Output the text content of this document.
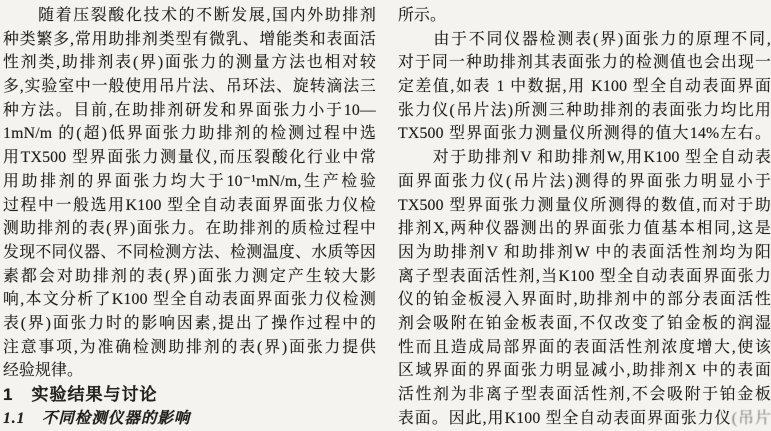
　　随着压裂酸化技术的不断发展,国内外助排剂
种类繁多,常用助排剂类型有微乳、增能类和表面活
性剂类,助排剂表(界)面张力的测量方法也相对较
多,实验室中一般使用吊片法、吊环法、旋转滴法三
种方法。目前,在助排剂研发和界面张力小于10—
1mN/m 的(超)低界面张力助排剂的检测过程中选
用TX500 型界面张力测量仪,而压裂酸化行业中常
用助排剂的界面张力均大于10⁻¹mN/m,生产检验
过程中一般选用K100 型全自动表面界面张力仪检
测助排剂的表(界)面张力。在助排剂的质检过程中
发现不同仪器、不同检测方法、检测温度、水质等因
素都会对助排剂的表(界)面张力测定产生较大影
响,本文分析了K100 型全自动表面界面张力仪检测
表(界)面张力时的影响因素,提出了操作过程中的
注意事项,为准确检测助排剂的表(界)面张力提供
经验规律。
1　实验结果与讨论
1.1　不同检测仪器的影响
所示。
　　由于不同仪器检测表(界)面张力的原理不同,
对于同一种助排剂其表面张力的检测值也会出现一
定差值,如表 1 中数据,用 K100 型全自动表面界面
张力仪(吊片法)所测三种助排剂的表面张力均比用
TX500 型界面张力测量仪所测得的值大14%左右。
　　对于助排剂V 和助排剂W,用K100 型全自动表
面界面张力仪(吊片法)测得的界面张力明显小于
TX500 型界面张力测量仪所测得的数值,而对于助
排剂X,两种仪器测出的界面张力值基本相同,这是
因为助排剂V 和助排剂W 中的表面活性剂均为阳
离子型表面活性剂,当K100 型全自动表面界面张力
仪的铂金板浸入界面时,助排剂中的部分表面活性
剂会吸附在铂金板表面,不仅改变了铂金板的润湿
性而且造成局部界面的表面活性剂浓度增大,使该
区域界面的界面张力明显减小,助排剂X 中的表面
活性剂为非离子型表面活性剂,不会吸附于铂金板
表面。因此,用K100 型全自动表面界面张力仪(吊片
